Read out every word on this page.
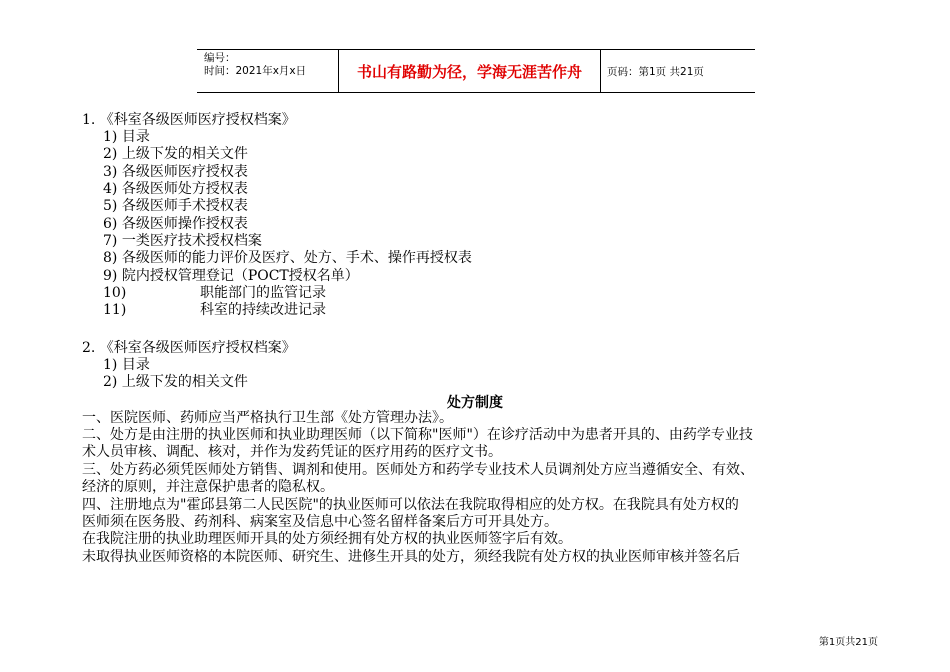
编号：
时间：2021年x月x日	书山有路勤为径，学海无涯苦作舟	页码：第1页 共21页
1. 《科室各级医师医疗授权档案》
1) 目录
2) 上级下发的相关文件
3) 各级医师医疗授权表
4) 各级医师处方授权表
5) 各级医师手术授权表
6) 各级医师操作授权表
7) 一类医疗技术授权档案
8) 各级医师的能力评价及医疗、处方、手术、操作再授权表
9) 院内授权管理登记（POCT授权名单）
10)	职能部门的监管记录
11)	科室的持续改进记录
2. 《科室各级医师医疗授权档案》
1) 目录
2) 上级下发的相关文件
处方制度
一、医院医师、药师应当严格执行卫生部《处方管理办法》。
二、处方是由注册的执业医师和执业助理医师（以下简称"医师"）在诊疗活动中为患者开具的、由药学专业技
术人员审核、调配、核对，并作为发药凭证的医疗用药的医疗文书。
三、处方药必须凭医师处方销售、调剂和使用。医师处方和药学专业技术人员调剂处方应当遵循安全、有效、
经济的原则，并注意保护患者的隐私权。
四、注册地点为"霍邱县第二人民医院"的执业医师可以依法在我院取得相应的处方权。在我院具有处方权的
医师须在医务股、药剂科、病案室及信息中心签名留样备案后方可开具处方。
在我院注册的执业助理医师开具的处方须经拥有处方权的执业医师签字后有效。
未取得执业医师资格的本院医师、研究生、进修生开具的处方，须经我院有处方权的执业医师审核并签名后
第1页共21页
